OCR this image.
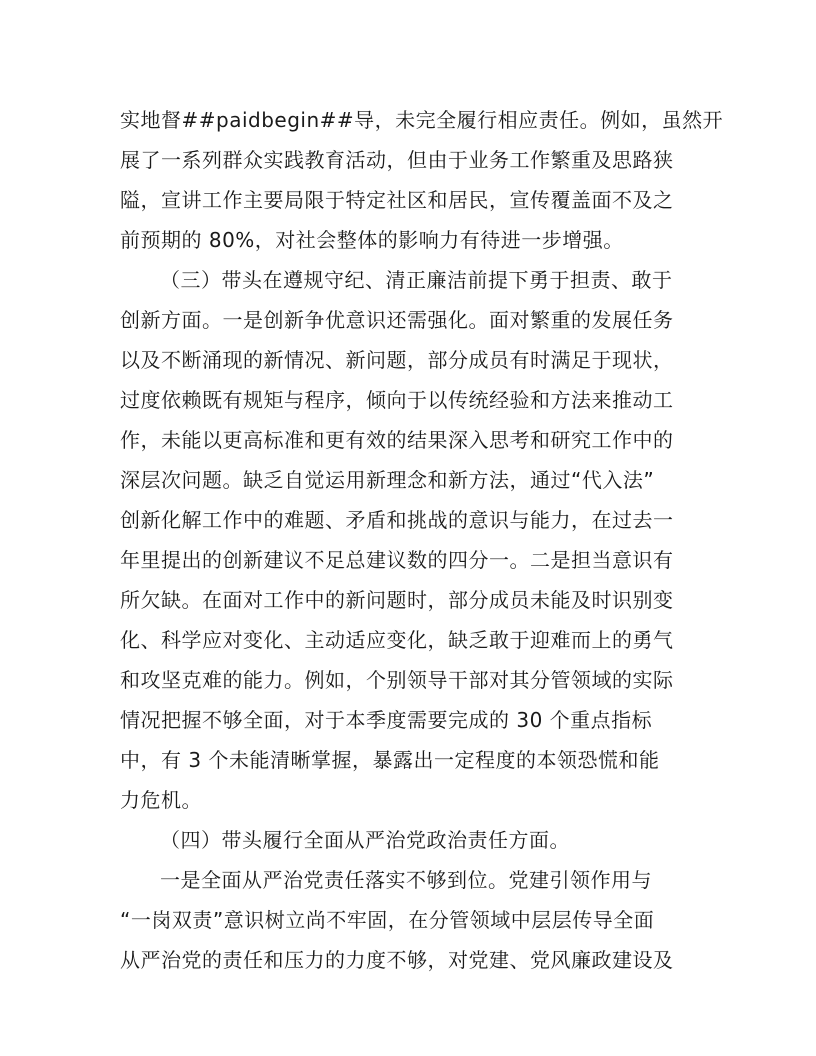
实地督##paidbegin##导，未完全履行相应责任。例如，虽然开
展了一系列群众实践教育活动，但由于业务工作繁重及思路狭
隘，宣讲工作主要局限于特定社区和居民，宣传覆盖面不及之
前预期的 80%，对社会整体的影响力有待进一步增强。
（三）带头在遵规守纪、清正廉洁前提下勇于担责、敢于
创新方面。一是创新争优意识还需强化。面对繁重的发展任务
以及不断涌现的新情况、新问题，部分成员有时满足于现状，
过度依赖既有规矩与程序，倾向于以传统经验和方法来推动工
作，未能以更高标准和更有效的结果深入思考和研究工作中的
深层次问题。缺乏自觉运用新理念和新方法，通过“代入法”
创新化解工作中的难题、矛盾和挑战的意识与能力，在过去一
年里提出的创新建议不足总建议数的四分一。二是担当意识有
所欠缺。在面对工作中的新问题时，部分成员未能及时识别变
化、科学应对变化、主动适应变化，缺乏敢于迎难而上的勇气
和攻坚克难的能力。例如，个别领导干部对其分管领域的实际
情况把握不够全面，对于本季度需要完成的 30 个重点指标
中，有 3 个未能清晰掌握，暴露出一定程度的本领恐慌和能
力危机。
（四）带头履行全面从严治党政治责任方面。
一是全面从严治党责任落实不够到位。党建引领作用与
“一岗双责”意识树立尚不牢固，在分管领域中层层传导全面
从严治党的责任和压力的力度不够，对党建、党风廉政建设及
